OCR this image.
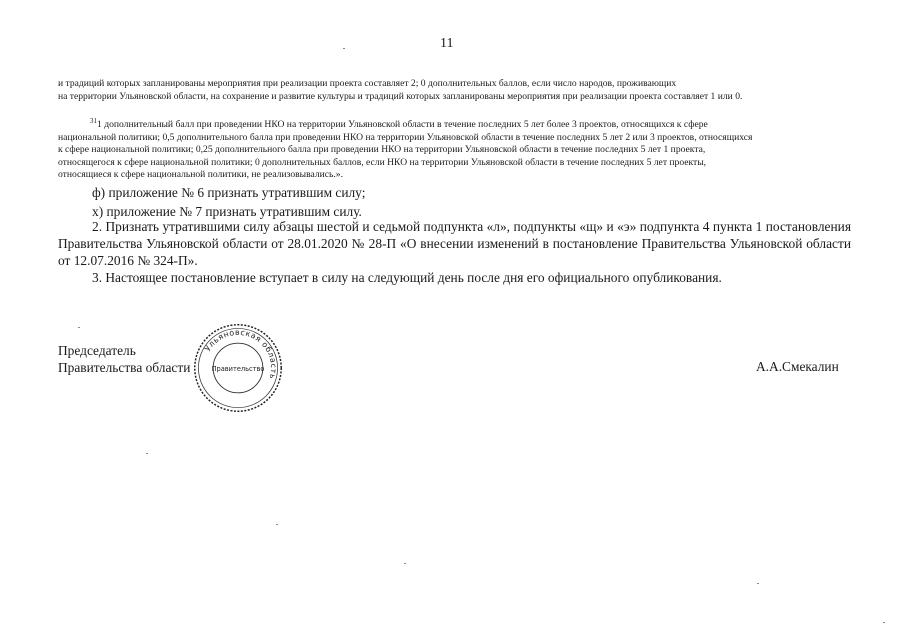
11
и традиций которых запланированы мероприятия при реализации проекта составляет 2; 0 дополнительных баллов, если число народов, проживающих
на территории Ульяновской области, на сохранение и развитие культуры и традиций которых запланированы мероприятия при реализации проекта составляет 1 или 0.
$^{31}$1 дополнительный балл при проведении НКО на территории Ульяновской области в течение последних 5 лет более 3 проектов, относящихся к сфере
национальной политики; 0,5 дополнительного балла при проведении НКО на территории Ульяновской области в течение последних 5 лет 2 или 3 проектов, относящихся
к сфере национальной политики; 0,25 дополнительного балла при проведении НКО на территории Ульяновской области в течение последних 5 лет 1 проекта,
относящегося к сфере национальной политики; 0 дополнительных баллов, если НКО на территории Ульяновской области в течение последних 5 лет проекты,
относящиеся к сфере национальной политики, не реализовывались.».
ф) приложение № 6 признать утратившим силу;
х) приложение № 7 признать утратившим силу.
2. Признать утратившими силу абзацы шестой и седьмой подпункта «л», подпункты «щ» и «э» подпункта 4 пункта 1 постановления Правительства Ульяновской области от 28.01.2020 № 28-П «О внесении изменений в постановление Правительства Ульяновской области от 12.07.2016 № 324-П».
3. Настоящее постановление вступает в силу на следующий день после дня его официального опубликования.
Председатель
Правительства области	А.А.Смекалин
Ульяновская область
Правительство
